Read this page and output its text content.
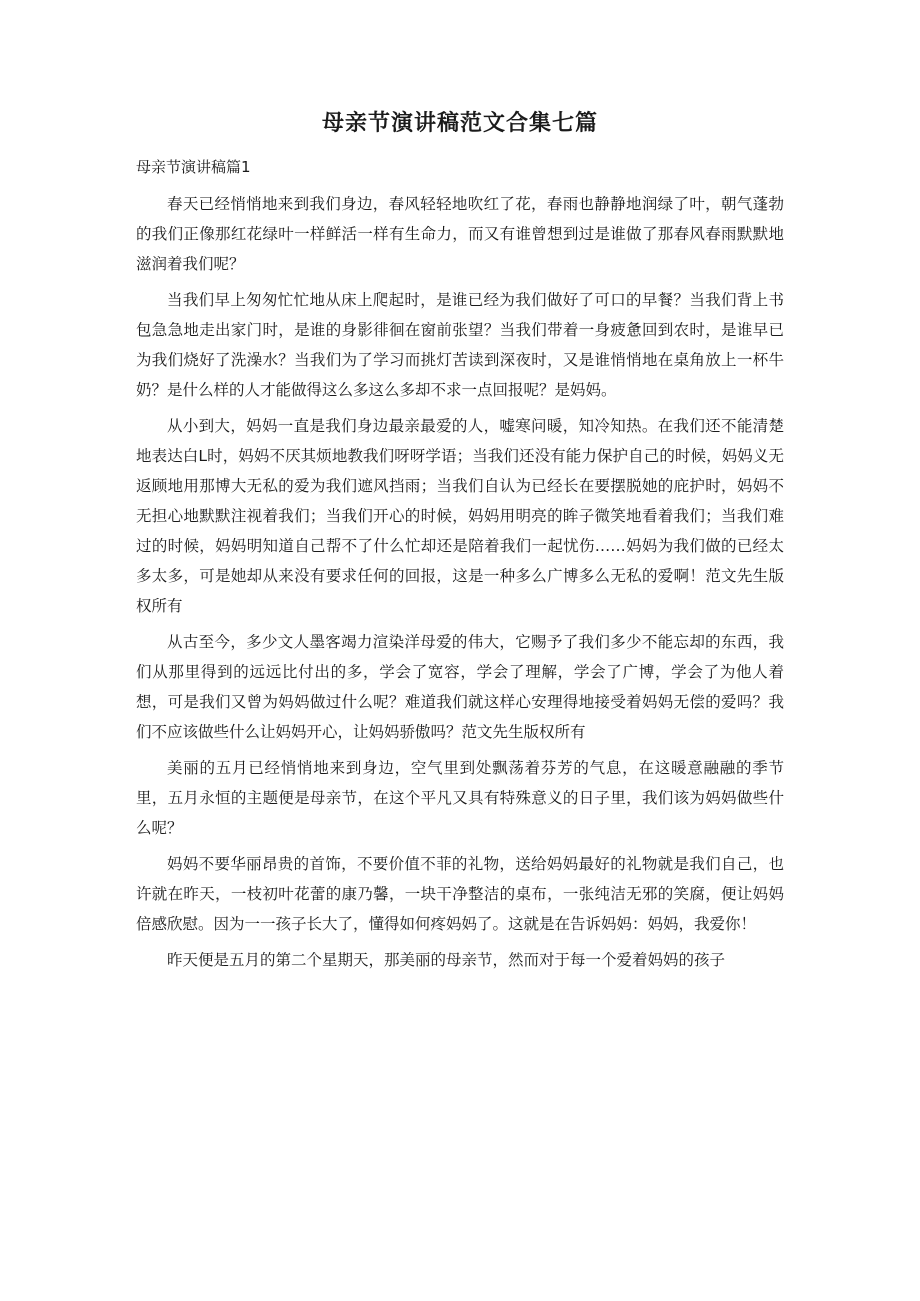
母亲节演讲稿范文合集七篇

母亲节演讲稿篇1

春天已经悄悄地来到我们身边，春风轻轻地吹红了花，春雨也静静地润绿了叶，朝气蓬勃的我们正像那红花绿叶一样鲜活一样有生命力，而又有谁曾想到过是谁做了那春风春雨默默地滋润着我们呢？

当我们早上匆匆忙忙地从床上爬起时，是谁已经为我们做好了可口的早餐？当我们背上书包急急地走出家门时，是谁的身影徘徊在窗前张望？当我们带着一身疲惫回到农时，是谁早已为我们烧好了洗澡水？当我们为了学习而挑灯苦读到深夜时，又是谁悄悄地在桌角放上一杯牛奶？是什么样的人才能做得这么多这么多却不求一点回报呢？是妈妈。

从小到大，妈妈一直是我们身边最亲最爱的人，嘘寒问暖，知冷知热。在我们还不能清楚地表达白L时，妈妈不厌其烦地教我们呀呀学语；当我们还没有能力保护自己的时候，妈妈义无返顾地用那博大无私的爱为我们遮风挡雨；当我们自认为已经长在要摆脱她的庇护时，妈妈不无担心地默默注视着我们；当我们开心的时候，妈妈用明亮的眸子微笑地看着我们；当我们难过的时候，妈妈明知道自己帮不了什么忙却还是陪着我们一起忧伤……妈妈为我们做的已经太多太多，可是她却从来没有要求任何的回报，这是一种多么广博多么无私的爱啊！范文先生版权所有

从古至今，多少文人墨客竭力渲染洋母爱的伟大，它赐予了我们多少不能忘却的东西，我们从那里得到的远远比付出的多，学会了宽容，学会了理解，学会了广博，学会了为他人着想，可是我们又曾为妈妈做过什么呢？难道我们就这样心安理得地接受着妈妈无偿的爱吗？我们不应该做些什么让妈妈开心，让妈妈骄傲吗？范文先生版权所有

美丽的五月已经悄悄地来到身边，空气里到处飘荡着芬芳的气息，在这暖意融融的季节里，五月永恒的主题便是母亲节，在这个平凡又具有特殊意义的日子里，我们该为妈妈做些什么呢？

妈妈不要华丽昂贵的首饰，不要价值不菲的礼物，送给妈妈最好的礼物就是我们自己，也许就在昨天，一枝初叶花蕾的康乃馨，一块干净整洁的桌布，一张纯洁无邪的笑腐，便让妈妈倍感欣慰。因为一一孩子长大了，懂得如何疼妈妈了。这就是在告诉妈妈：妈妈，我爱你！

昨天便是五月的第二个星期天，那美丽的母亲节，然而对于每一个爱着妈妈的孩子
